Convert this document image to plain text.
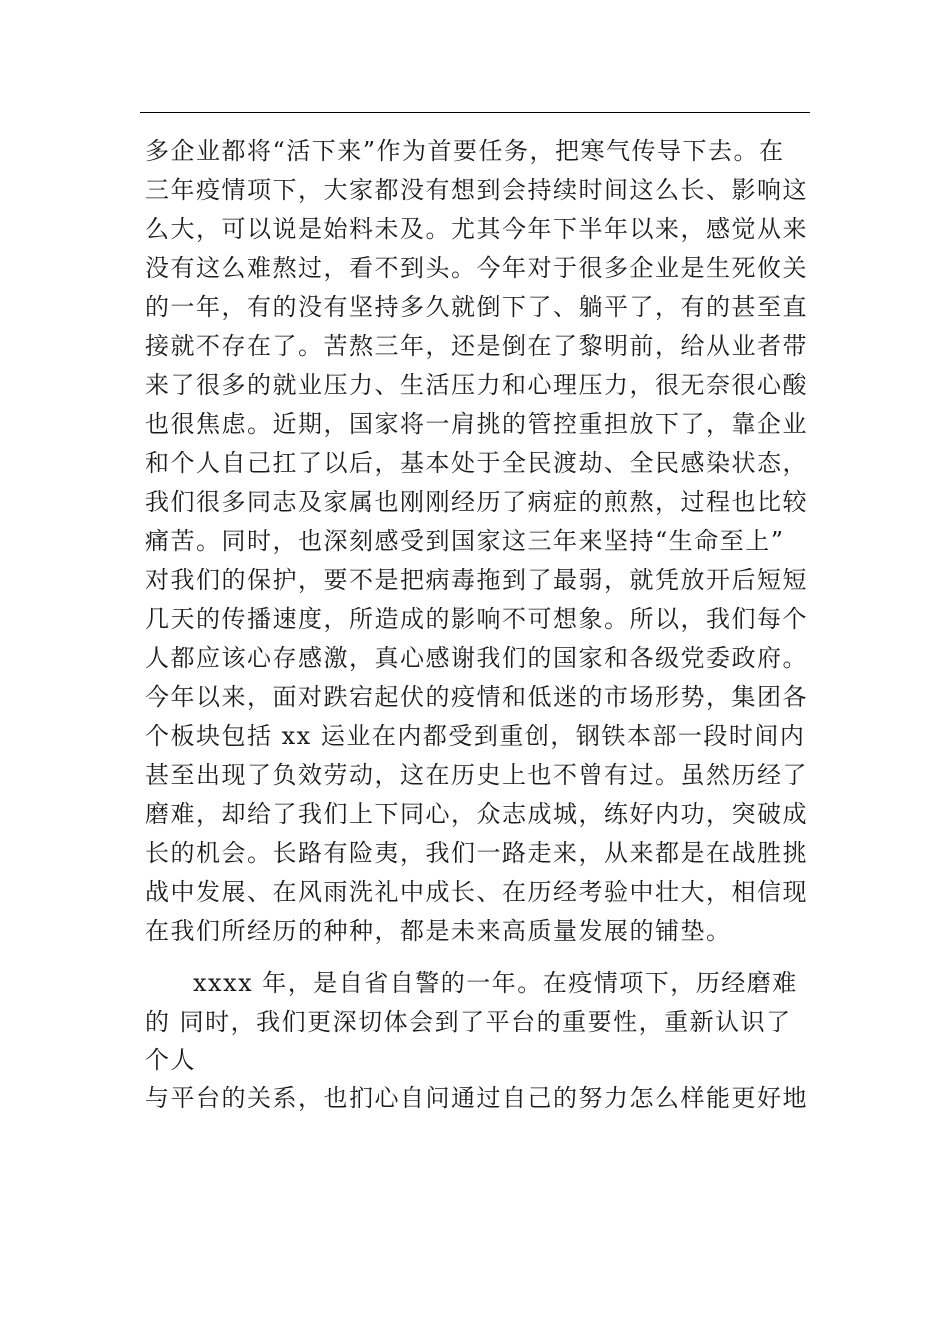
多企业都将“活下来”作为首要任务，把寒气传导下去。在
三年疫情项下，大家都没有想到会持续时间这么长、影响这
么大，可以说是始料未及。尤其今年下半年以来，感觉从来
没有这么难熬过，看不到头。今年对于很多企业是生死攸关
的一年，有的没有坚持多久就倒下了、躺平了，有的甚至直
接就不存在了。苦熬三年，还是倒在了黎明前，给从业者带
来了很多的就业压力、生活压力和心理压力，很无奈很心酸
也很焦虑。近期，国家将一肩挑的管控重担放下了，靠企业
和个人自己扛了以后，基本处于全民渡劫、全民感染状态，
我们很多同志及家属也刚刚经历了病症的煎熬，过程也比较
痛苦。同时，也深刻感受到国家这三年来坚持“生命至上”
对我们的保护，要不是把病毒拖到了最弱，就凭放开后短短
几天的传播速度，所造成的影响不可想象。所以，我们每个
人都应该心存感激，真心感谢我们的国家和各级党委政府。
今年以来，面对跌宕起伏的疫情和低迷的市场形势，集团各
个板块包括 xx 运业在内都受到重创，钢铁本部一段时间内
甚至出现了负效劳动，这在历史上也不曾有过。虽然历经了
磨难，却给了我们上下同心，众志成城，练好内功，突破成
长的机会。长路有险夷，我们一路走来，从来都是在战胜挑
战中发展、在风雨洗礼中成长、在历经考验中壮大，相信现
在我们所经历的种种，都是未来高质量发展的铺垫。
xxxx 年，是自省自警的一年。在疫情项下，历经磨难
的 同时，我们更深切体会到了平台的重要性，重新认识了
个人
与平台的关系，也扪心自问通过自己的努力怎么样能更好地
